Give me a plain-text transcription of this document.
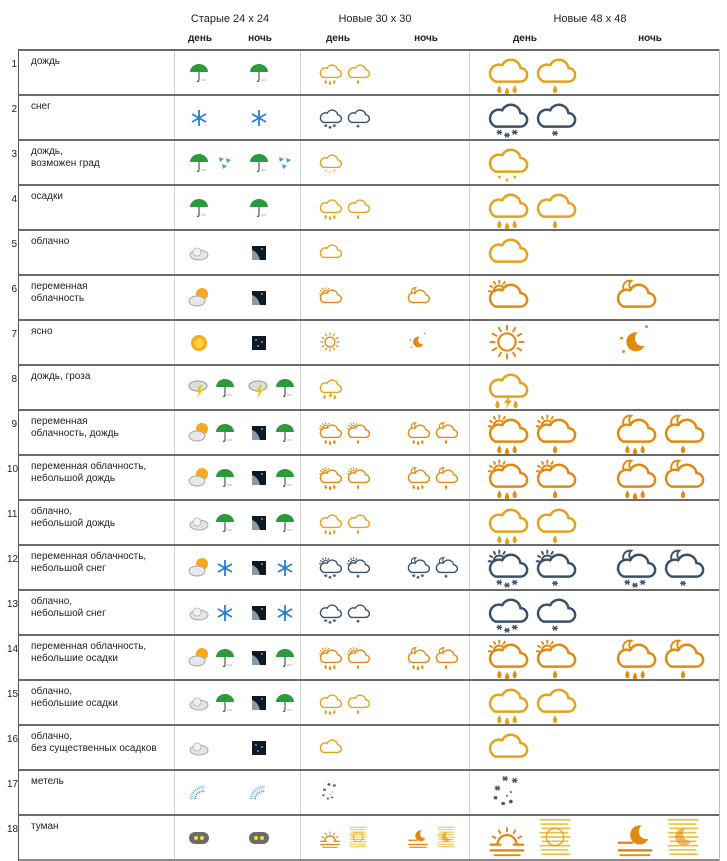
Старые 24 x 24	Новые 30 x 30	Новые 48 x 48
день	ночь	день	ночь	день	ночь
1 дождь
2 снег
3 дождь,
возможен град
4 осадки
5 облачно
6 переменная
облачность
7 ясно
8 дождь, гроза
9 переменная
облачность, дождь
10 переменная облачность,
небольшой дождь
11 облачно,
небольшой дождь
12 переменная облачность,
небольшой снег
13 облачно,
небольшой снег
14 переменная облачность,
небольшие осадки
15 облачно,
небольшие осадки
16 облачно,
без существенных осадков
17 метель
18 туман
